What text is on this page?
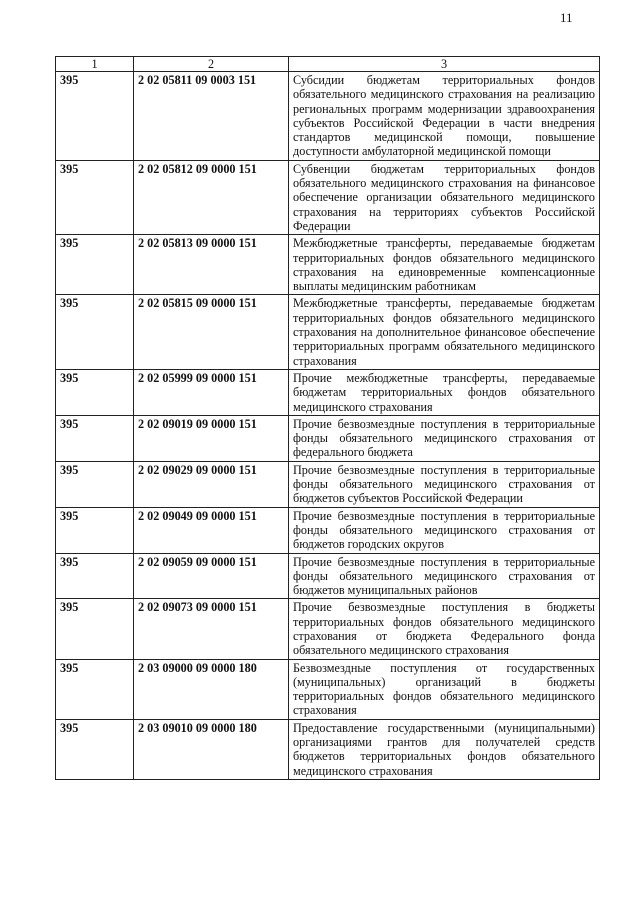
11
1	2	3
395	2 02 05811 09 0003 151	Субсидии бюджетам территориальных фондов обязательного медицинского страхования на реализацию региональных программ модернизации здравоохранения субъектов Российской Федерации в части внедрения стандартов медицинской помощи, повышение доступности амбулаторной медицинской помощи
395	2 02 05812 09 0000 151	Субвенции бюджетам территориальных фондов обязательного медицинского страхования на финансовое обеспечение организации обязательного медицинского страхования на территориях субъектов Российской Федерации
395	2 02 05813 09 0000 151	Межбюджетные трансферты, передаваемые бюджетам территориальных фондов обязательного медицинского страхования на единовременные компенсационные выплаты медицинским работникам
395	2 02 05815 09 0000 151	Межбюджетные трансферты, передаваемые бюджетам территориальных фондов обязательного медицинского страхования на дополнительное финансовое обеспечение территориальных программ обязательного медицинского страхования
395	2 02 05999 09 0000 151	Прочие межбюджетные трансферты, передаваемые бюджетам территориальных фондов обязательного медицинского страхования
395	2 02 09019 09 0000 151	Прочие безвозмездные поступления в территориальные фонды обязательного медицинского страхования от федерального бюджета
395	2 02 09029 09 0000 151	Прочие безвозмездные поступления в территориальные фонды обязательного медицинского страхования от бюджетов субъектов Российской Федерации
395	2 02 09049 09 0000 151	Прочие безвозмездные поступления в территориальные фонды обязательного медицинского страхования от бюджетов городских округов
395	2 02 09059 09 0000 151	Прочие безвозмездные поступления в территориальные фонды обязательного медицинского страхования от бюджетов муниципальных районов
395	2 02 09073 09 0000 151	Прочие безвозмездные поступления в бюджеты территориальных фондов обязательного медицинского страхования от бюджета Федерального фонда обязательного медицинского страхования
395	2 03 09000 09 0000 180	Безвозмездные поступления от государственных (муниципальных) организаций в бюджеты территориальных фондов обязательного медицинского страхования
395	2 03 09010 09 0000 180	Предоставление государственными (муниципальными) организациями грантов для получателей средств бюджетов территориальных фондов обязательного медицинского страхования
